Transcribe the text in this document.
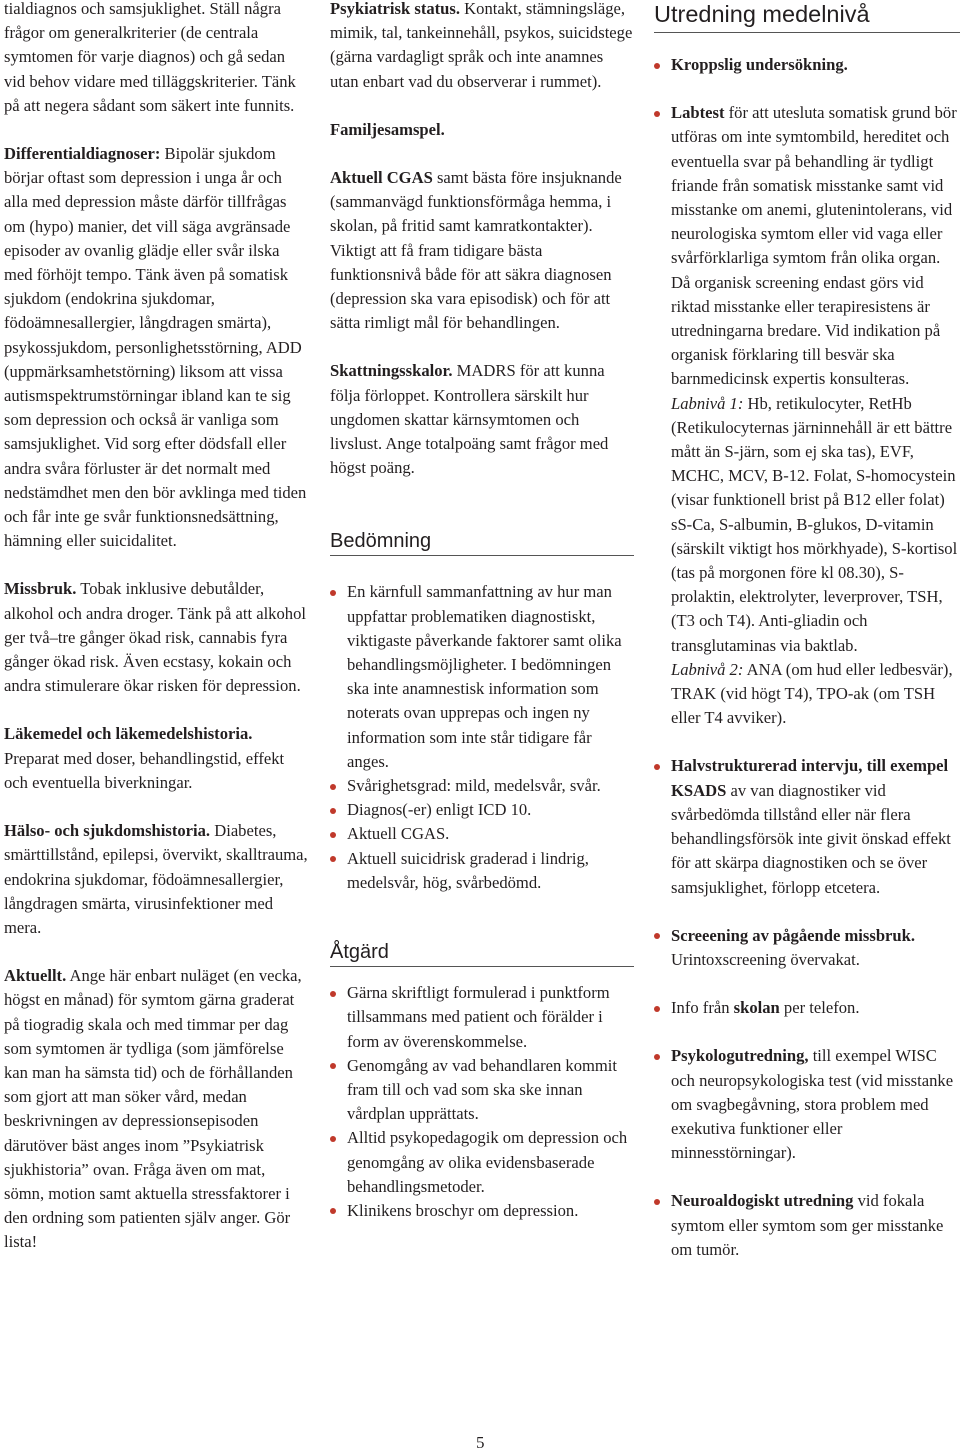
tialdiagnos och samsjuklighet. Ställ några frågor om generalkriterier (de centrala symtomen för varje diagnos) och gå sedan vid behov vidare med tilläggskriterier. Tänk på att negera sådant som säkert inte funnits.

Differentialdiagnoser: Bipolär sjukdom börjar oftast som depression i unga år och alla med depression måste därför tillfrågas om (hypo) manier, det vill säga avgränsade episoder av ovanlig glädje eller svår ilska med förhöjt tempo. Tänk även på somatisk sjukdom (endokrina sjukdomar, födoämnesallergier, långdragen smärta), psykossjukdom, personlighetsstörning, ADD (uppmärksamhetstörning) liksom att vissa autismspektrumstörningar ibland kan te sig som depression och också är vanliga som samsjuklighet. Vid sorg efter dödsfall eller andra svåra förluster är det normalt med nedstämdhet men den bör avklinga med tiden och får inte ge svår funktionsnedsättning, hämning eller suicidalitet.

Missbruk. Tobak inklusive debutålder, alkohol och andra droger. Tänk på att alkohol ger två–tre gånger ökad risk, cannabis fyra gånger ökad risk. Även ecstasy, kokain och andra stimulerare ökar risken för depression.

Läkemedel och läkemedelshistoria. Preparat med doser, behandlingstid, effekt och eventuella biverkningar.

Hälso- och sjukdomshistoria. Diabetes, smärttillstånd, epilepsi, övervikt, skalltrauma, endokrina sjukdomar, födoämnesallergier, långdragen smärta, virusinfektioner med mera.

Aktuellt. Ange här enbart nuläget (en vecka, högst en månad) för symtom gärna graderat på tiogradig skala och med timmar per dag som symtomen är tydliga (som jämförelse kan man ha sämsta tid) och de förhållanden som gjort att man söker vård, medan beskrivningen av depressionsepisoden därutöver bäst anges inom ”Psykiatrisk sjukhistoria” ovan. Fråga även om mat, sömn, motion samt aktuella stressfaktorer i den ordning som patienten själv anger. Gör lista!

Psykiatrisk status. Kontakt, stämningsläge, mimik, tal, tankeinnehåll, psykos, suicidstege (gärna vardagligt språk och inte anamnes utan enbart vad du observerar i rummet).

Familjesamspel.

Aktuell CGAS samt bästa före insjuknande (sammanvägd funktionsförmåga hemma, i skolan, på fritid samt kamratkontakter). Viktigt att få fram tidigare bästa funktionsnivå både för att säkra diagnosen (depression ska vara episodisk) och för att sätta rimligt mål för behandlingen.

Skattningsskalor. MADRS för att kunna följa förloppet. Kontrollera särskilt hur ungdomen skattar kärnsymtomen och livslust. Ange totalpoäng samt frågor med högst poäng.

Bedömning
En kärnfull sammanfattning av hur man uppfattar problematiken diagnostiskt, viktigaste påverkande faktorer samt olika behandlingsmöjligheter. I bedömningen ska inte anamnestisk information som noterats ovan upprepas och ingen ny information som inte står tidigare får anges.
Svårighetsgrad: mild, medelsvår, svår.
Diagnos(-er) enligt ICD 10.
Aktuell CGAS.
Aktuell suicidrisk graderad i lindrig, medelsvår, hög, svårbedömd.
Åtgärd
Gärna skriftligt formulerad i punktform tillsammans med patient och förälder i form av överenskommelse.
Genomgång av vad behandlaren kommit fram till och vad som ska ske innan vårdplan upprättats.
Alltid psykopedagogik om depression och genomgång av olika evidensbaserade behandlingsmetoder.
Klinikens broschyr om depression.
Utredning medelnivå
Kroppslig undersökning.
Labtest för att utesluta somatisk grund bör utföras om inte symtombild, hereditet och eventuella svar på behandling är tydligt friande från somatisk misstanke samt vid misstanke om anemi, glutenintolerans, vid neurologiska symtom eller vid vaga eller svårförklarliga symtom från olika organ. Då organisk screening endast görs vid riktad misstanke eller terapiresistens är utredningarna bredare. Vid indikation på organisk förklaring till besvär ska barnmedicinsk expertis konsulteras.
Labnivå 1: Hb, retikulocyter, RetHb (Retikulocyternas järninnehåll är ett bättre mått än S-järn, som ej ska tas), EVF, MCHC, MCV, B-12. Folat, S-homocystein (visar funktionell brist på B12 eller folat) sS-Ca, S-albumin, B-glukos, D-vitamin (särskilt viktigt hos mörkhyade), S-kortisol (tas på morgonen före kl 08.30), S-prolaktin, elektrolyter, leverprover, TSH, (T3 och T4). Anti-gliadin och transglutaminas via baktlab.
Labnivå 2: ANA (om hud eller ledbesvär), TRAK (vid högt T4), TPO-ak (om TSH eller T4 avviker).
Halvstrukturerad intervju, till exempel KSADS av van diagnostiker vid svårbedömda tillstånd eller när flera behandlingsförsök inte givit önskad effekt för att skärpa diagnostiken och se över samsjuklighet, förlopp etcetera.
Screeening av pågående missbruk. Urintoxscreening övervakat.
Info från skolan per telefon.
Psykologutredning, till exempel WISC och neuropsykologiska test (vid misstanke om svagbegåvning, stora problem med exekutiva funktioner eller minnesstörningar).
Neuroaldogiskt utredning vid fokala symtom eller symtom som ger misstanke om tumör.
5
